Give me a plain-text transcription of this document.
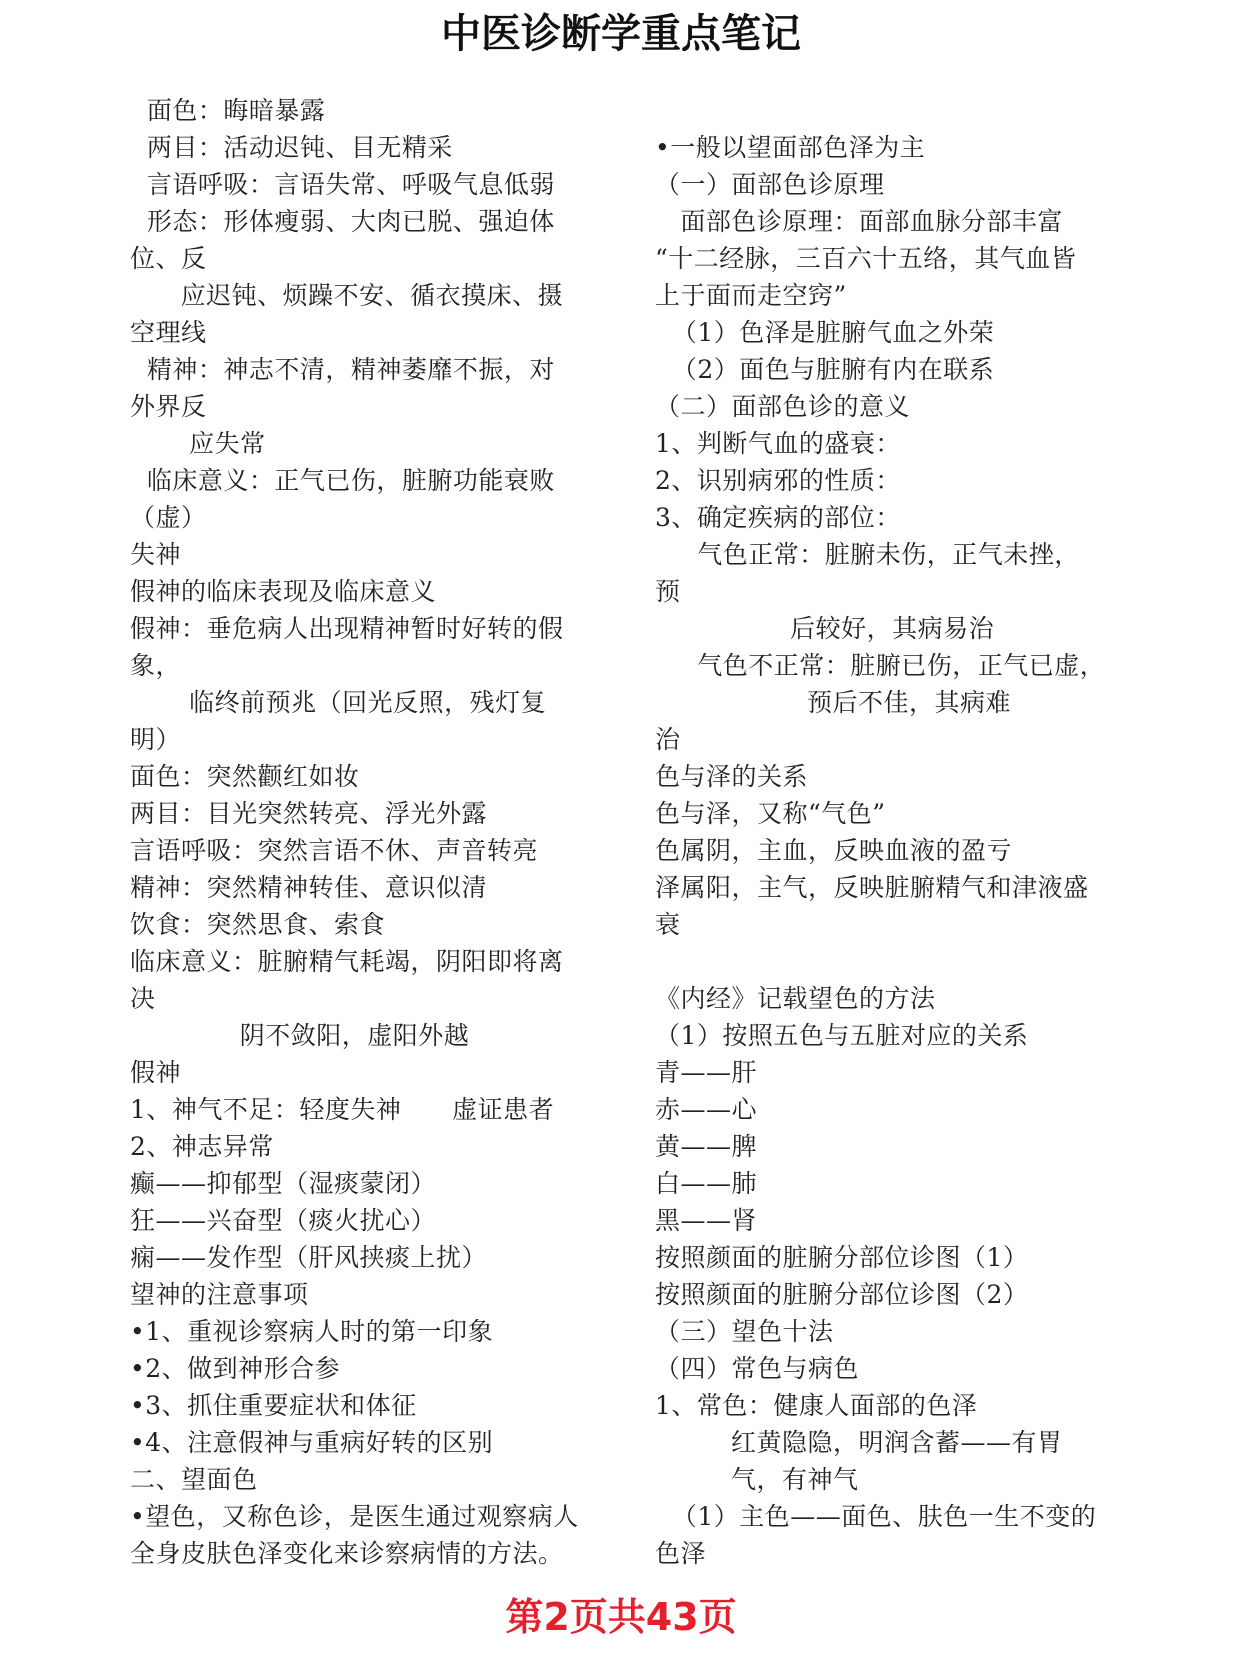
中医诊断学重点笔记
面色：晦暗暴露
两目：活动迟钝、目无精采
言语呼吸：言语失常、呼吸气息低弱
形态：形体瘦弱、大肉已脱、强迫体
位、反
应迟钝、烦躁不安、循衣摸床、摄
空理线
精神：神志不清，精神萎靡不振，对
外界反
应失常
临床意义：正气已伤，脏腑功能衰败
（虚）
失神
假神的临床表现及临床意义
假神：垂危病人出现精神暂时好转的假
象，
临终前预兆（回光反照，残灯复
明）
面色：突然颧红如妆
两目：目光突然转亮、浮光外露
言语呼吸：突然言语不休、声音转亮
精神：突然精神转佳、意识似清
饮食：突然思食、索食
临床意义：脏腑精气耗竭，阴阳即将离
决
阴不敛阳，虚阳外越
假神
1、神气不足：轻度失神      虚证患者
2、神志异常
癫——抑郁型（湿痰蒙闭）
狂——兴奋型（痰火扰心）
痫——发作型（肝风挟痰上扰）
望神的注意事项
•1、重视诊察病人时的第一印象
•2、做到神形合参
•3、抓住重要症状和体征
•4、注意假神与重病好转的区别
二、望面色
•望色，又称色诊，是医生通过观察病人
全身皮肤色泽变化来诊察病情的方法。
•一般以望面部色泽为主
（一）面部色诊原理
面部色诊原理：面部血脉分部丰富
“十二经脉，三百六十五络，其气血皆
上于面而走空窍”
（1）色泽是脏腑气血之外荣
（2）面色与脏腑有内在联系
（二）面部色诊的意义
1、判断气血的盛衰：
2、识别病邪的性质：
3、确定疾病的部位：
气色正常：脏腑未伤，正气未挫，
预
后较好，其病易治
气色不正常：脏腑已伤，正气已虚，
预后不佳，其病难
治
色与泽的关系
色与泽，又称“气色”
色属阴，主血，反映血液的盈亏
泽属阳，主气，反映脏腑精气和津液盛
衰
《内经》记载望色的方法
（1）按照五色与五脏对应的关系
青——肝
赤——心
黄——脾
白——肺
黑——肾
按照颜面的脏腑分部位诊图（1）
按照颜面的脏腑分部位诊图（2）
（三）望色十法
（四）常色与病色
1、常色：健康人面部的色泽
红黄隐隐，明润含蓄——有胃
气，有神气
（1）主色——面色、肤色一生不变的
色泽
第2页共43页
